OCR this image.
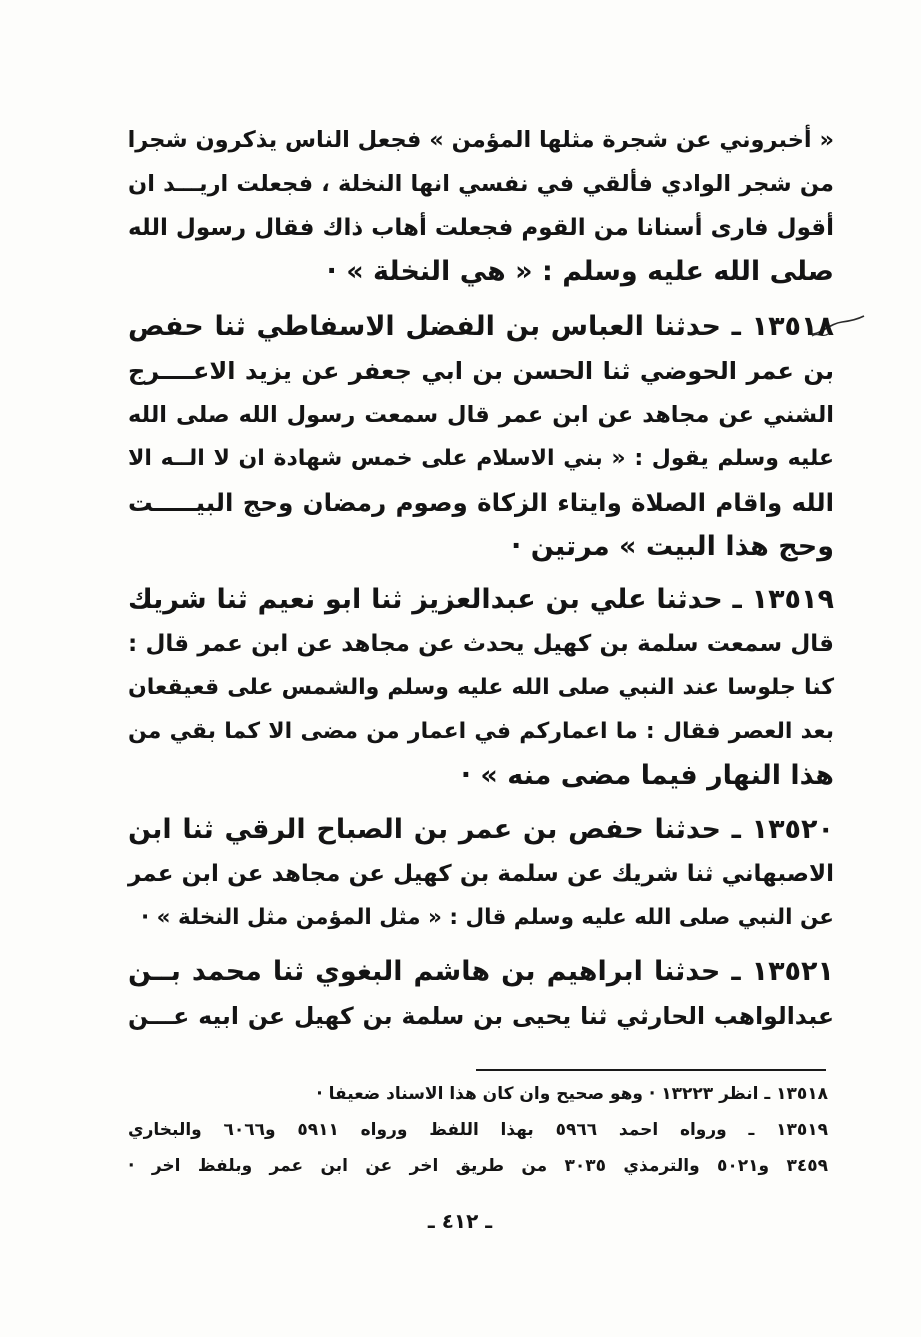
« أخبروني عن شجرة مثلها المؤمن » فجعل الناس يذكرون شجرا
من شجر الوادي فألقي في نفسي انها النخلة ، فجعلت اريـــد ان
أقول فارى أسنانا من القوم فجعلت أهاب ذاك فقال رسول الله
صلى الله عليه وسلم : « هي النخلة » ·
١٣٥١٨ ـ حدثنا العباس بن الفضل الاسفاطي ثنا حفص
بن عمر الحوضي ثنا الحسن بن ابي جعفر عن يزيد الاعــــرج
الشني عن مجاهد عن ابن عمر قال سمعت رسول الله صلى الله
عليه وسلم يقول : « بني الاسلام على خمس شهادة ان لا الــه الا
الله واقام الصلاة وايتاء الزكاة وصوم رمضان وحج البيـــــت
وحج هذا البيت » مرتين ·
١٣٥١٩ ـ حدثنا علي بن عبدالعزيز ثنا ابو نعيم ثنا شريك
قال سمعت سلمة بن كهيل يحدث عن مجاهد عن ابن عمر قال :
كنا جلوسا عند النبي صلى الله عليه وسلم والشمس على قعيقعان
بعد العصر فقال : ما اعماركم في اعمار من مضى الا كما بقي من
هذا النهار فيما مضى منه » ·
١٣٥٢٠ ـ حدثنا حفص بن عمر بن الصباح الرقي ثنا ابن
الاصبهاني ثنا شريك عن سلمة بن كهيل عن مجاهد عن ابن عمر
عن النبي صلى الله عليه وسلم قال : « مثل المؤمن مثل النخلة » ·
١٣٥٢١ ـ حدثنا ابراهيم بن هاشم البغوي ثنا محمد بــن
عبدالواهب الحارثي ثنا يحيى بن سلمة بن كهيل عن ابيه عـــن
١٣٥١٨ ـ انظر ١٣٢٢٣ · وهو صحيح وان كان هذا الاسناد ضعيفا ·
١٣٥١٩ ـ ورواه احمد ٥٩٦٦ بهذا اللفظ ورواه ٥٩١١ و٦٠٦٦ والبخاري
٣٤٥٩ و٥٠٢١ والترمذي ٣٠٣٥ من طريق اخر عن ابن عمر وبلفظ اخر ·
ـ ٤١٢ ـ
